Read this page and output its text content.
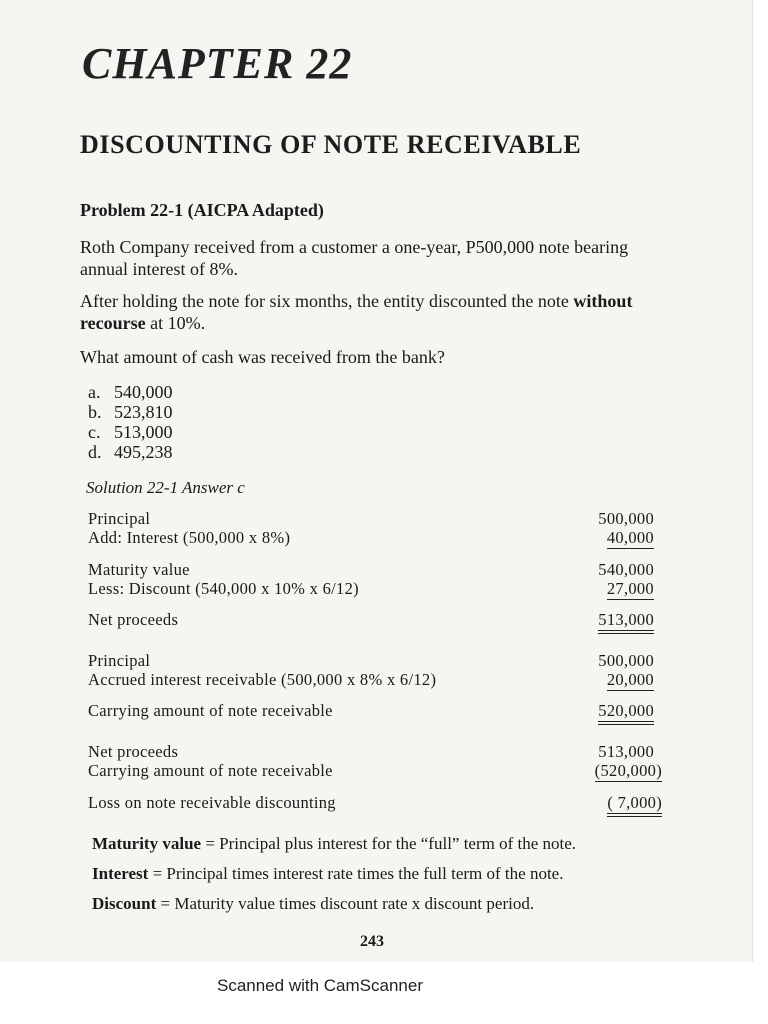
CHAPTER 22
DISCOUNTING OF NOTE RECEIVABLE
Problem 22-1 (AICPA Adapted)
Roth Company received from a customer a one-year, P500,000 note bearing annual interest of 8%.
After holding the note for six months, the entity discounted the note without recourse at 10%.
What amount of cash was received from the bank?
a. 540,000
b. 523,810
c. 513,000
d. 495,238
Solution 22-1 Answer c
Principal	500,000
Add: Interest (500,000 x 8%)	40,000
Maturity value	540,000
Less: Discount (540,000 x 10% x 6/12)	27,000
Net proceeds	513,000
Principal	500,000
Accrued interest receivable (500,000 x 8% x 6/12)	20,000
Carrying amount of note receivable	520,000
Net proceeds	513,000
Carrying amount of note receivable	(520,000)
Loss on note receivable discounting	( 7,000)
Maturity value = Principal plus interest for the “full” term of the note.
Interest = Principal times interest rate times the full term of the note.
Discount = Maturity value times discount rate x discount period.
243
Scanned with CamScanner
